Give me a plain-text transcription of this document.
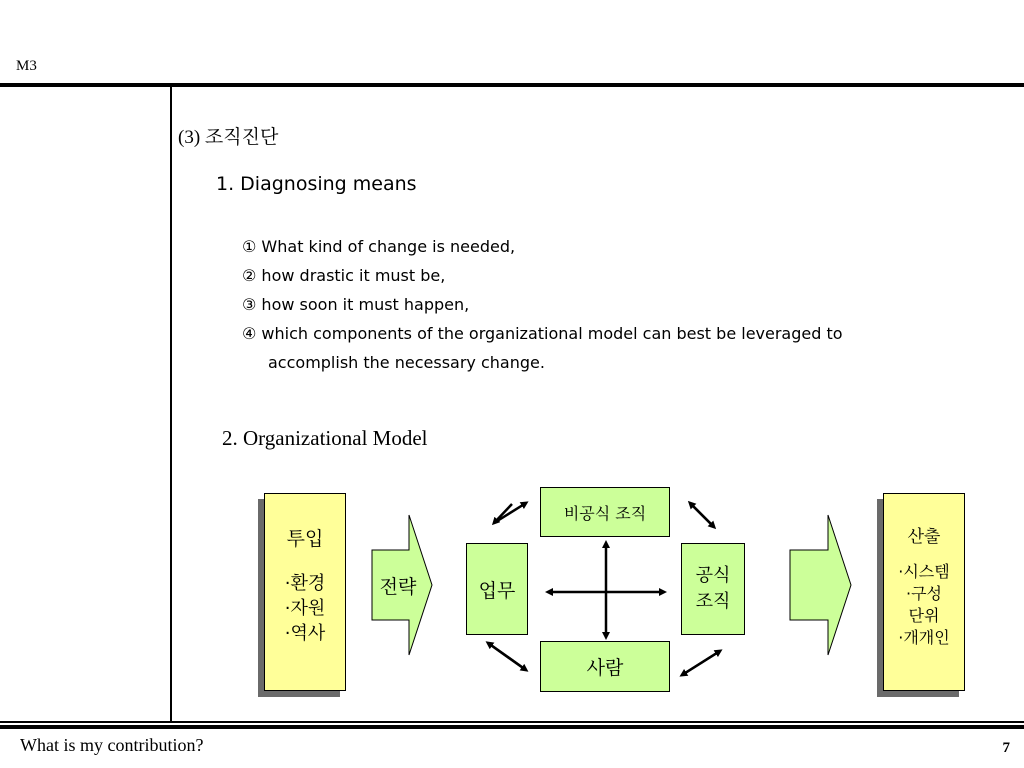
M3
(3) 조직진단
1. Diagnosing means
① What kind of change is needed,
② how drastic it must be,
③ how soon it must happen,
④ which components of the organizational model can best be leveraged to
accomplish the necessary change.
2. Organizational Model
투입
·환경
·자원
·역사
산출
·시스템
·구성
단위
·개개인
비공식 조직
업무
공식
조직
사람
전략
What is my contribution?	7
